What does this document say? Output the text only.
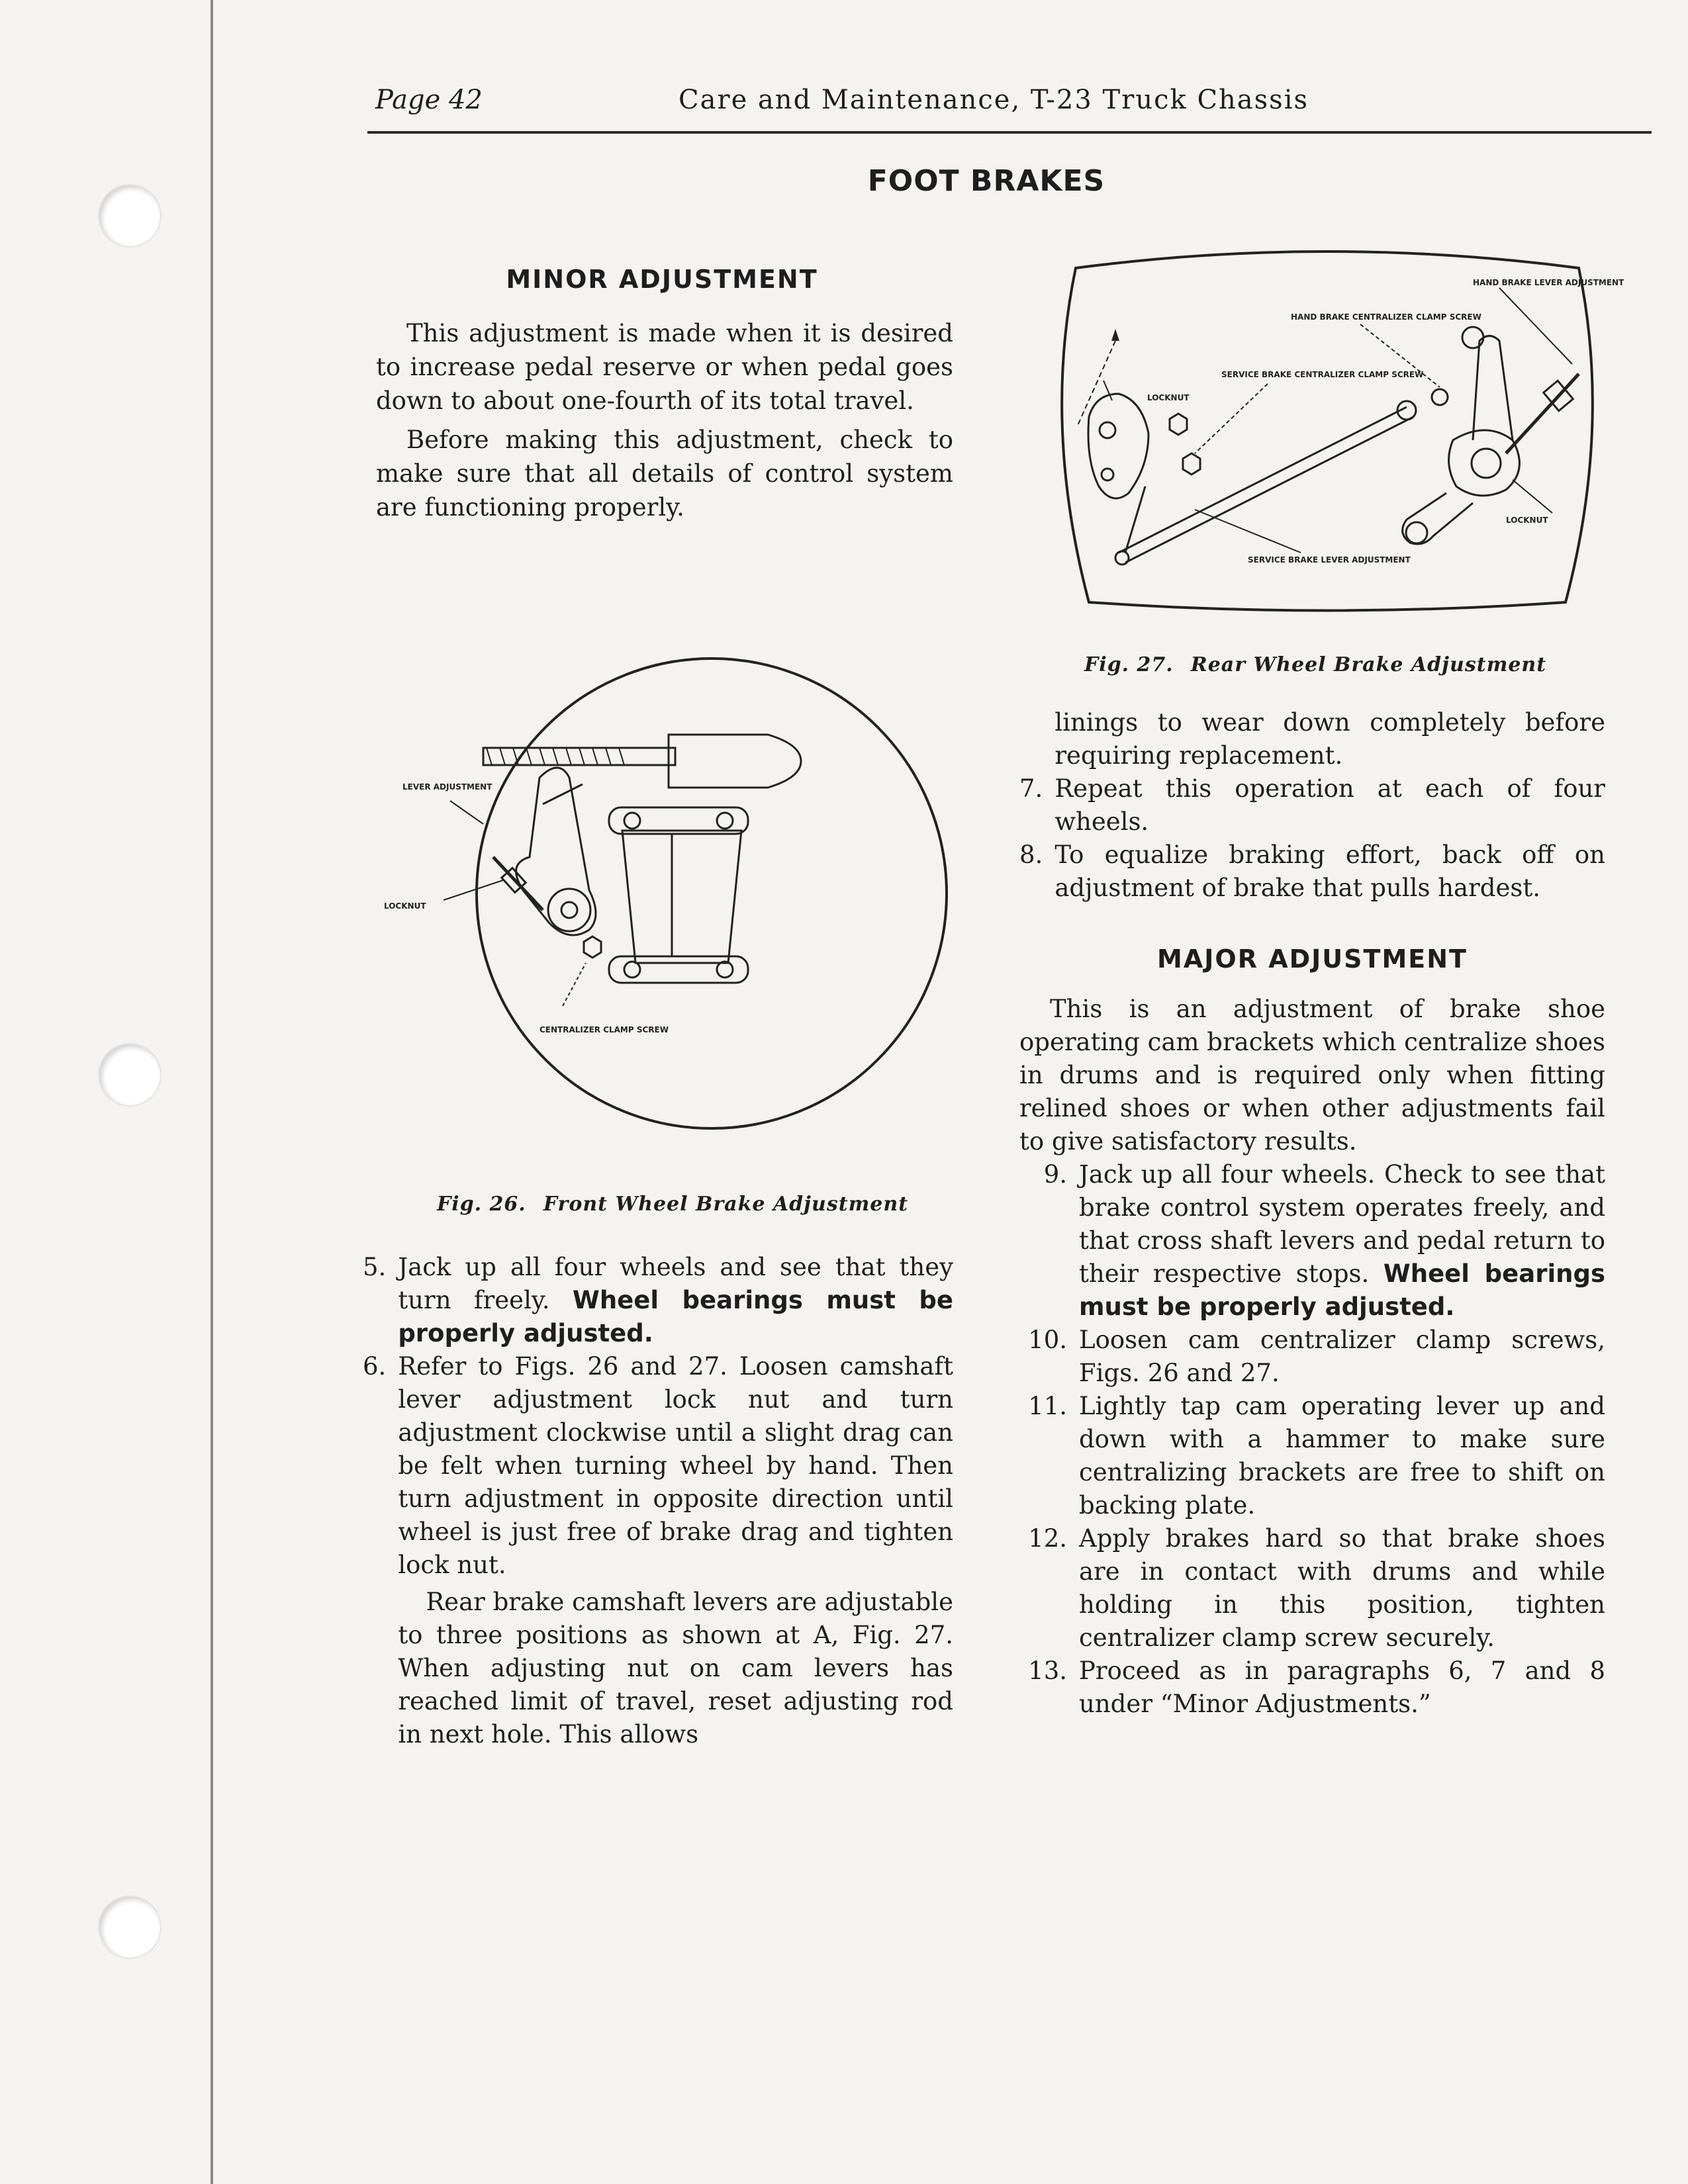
Page 42	Care and Maintenance, T-23 Truck Chassis
FOOT BRAKES
MINOR ADJUSTMENT

This adjustment is made when it is desired to increase pedal reserve or when pedal goes down to about one-fourth of its total travel.

Before making this adjustment, check to make sure that all details of control system are functioning properly.

HAND BRAKE LEVER ADJUSTMENT
HAND BRAKE CENTRALIZER CLAMP SCREW
SERVICE BRAKE CENTRALIZER CLAMP SCREW
LOCKNUT
LOCKNUT
SERVICE BRAKE LEVER ADJUSTMENT
Fig. 27. Rear Wheel Brake Adjustment
LEVER ADJUSTMENT
LOCKNUT
CENTRALIZER CLAMP SCREW
Fig. 26. Front Wheel Brake Adjustment
5. Jack up all four wheels and see that they turn freely. Wheel bearings must be properly adjusted.
6. Refer to Figs. 26 and 27. Loosen camshaft lever adjustment lock nut and turn adjustment clockwise until a slight drag can be felt when turning wheel by hand. Then turn adjustment in opposite direction until wheel is just free of brake drag and tighten lock nut.
Rear brake camshaft levers are adjustable to three positions as shown at A, Fig. 27. When adjusting nut on cam levers has reached limit of travel, reset adjusting rod in next hole. This allows
linings to wear down completely before requiring replacement.
7. Repeat this operation at each of four wheels.
8. To equalize braking effort, back off on adjustment of brake that pulls hardest.
MAJOR ADJUSTMENT

This is an adjustment of brake shoe operating cam brackets which centralize shoes in drums and is required only when fitting relined shoes or when other adjustments fail to give satisfactory results.

9. Jack up all four wheels. Check to see that brake control system operates freely, and that cross shaft levers and pedal return to their respective stops. Wheel bearings must be properly adjusted.
10. Loosen cam centralizer clamp screws, Figs. 26 and 27.
11. Lightly tap cam operating lever up and down with a hammer to make sure centralizing brackets are free to shift on backing plate.
12. Apply brakes hard so that brake shoes are in contact with drums and while holding in this position, tighten centralizer clamp screw securely.
13. Proceed as in paragraphs 6, 7 and 8 under “Minor Adjustments.”
